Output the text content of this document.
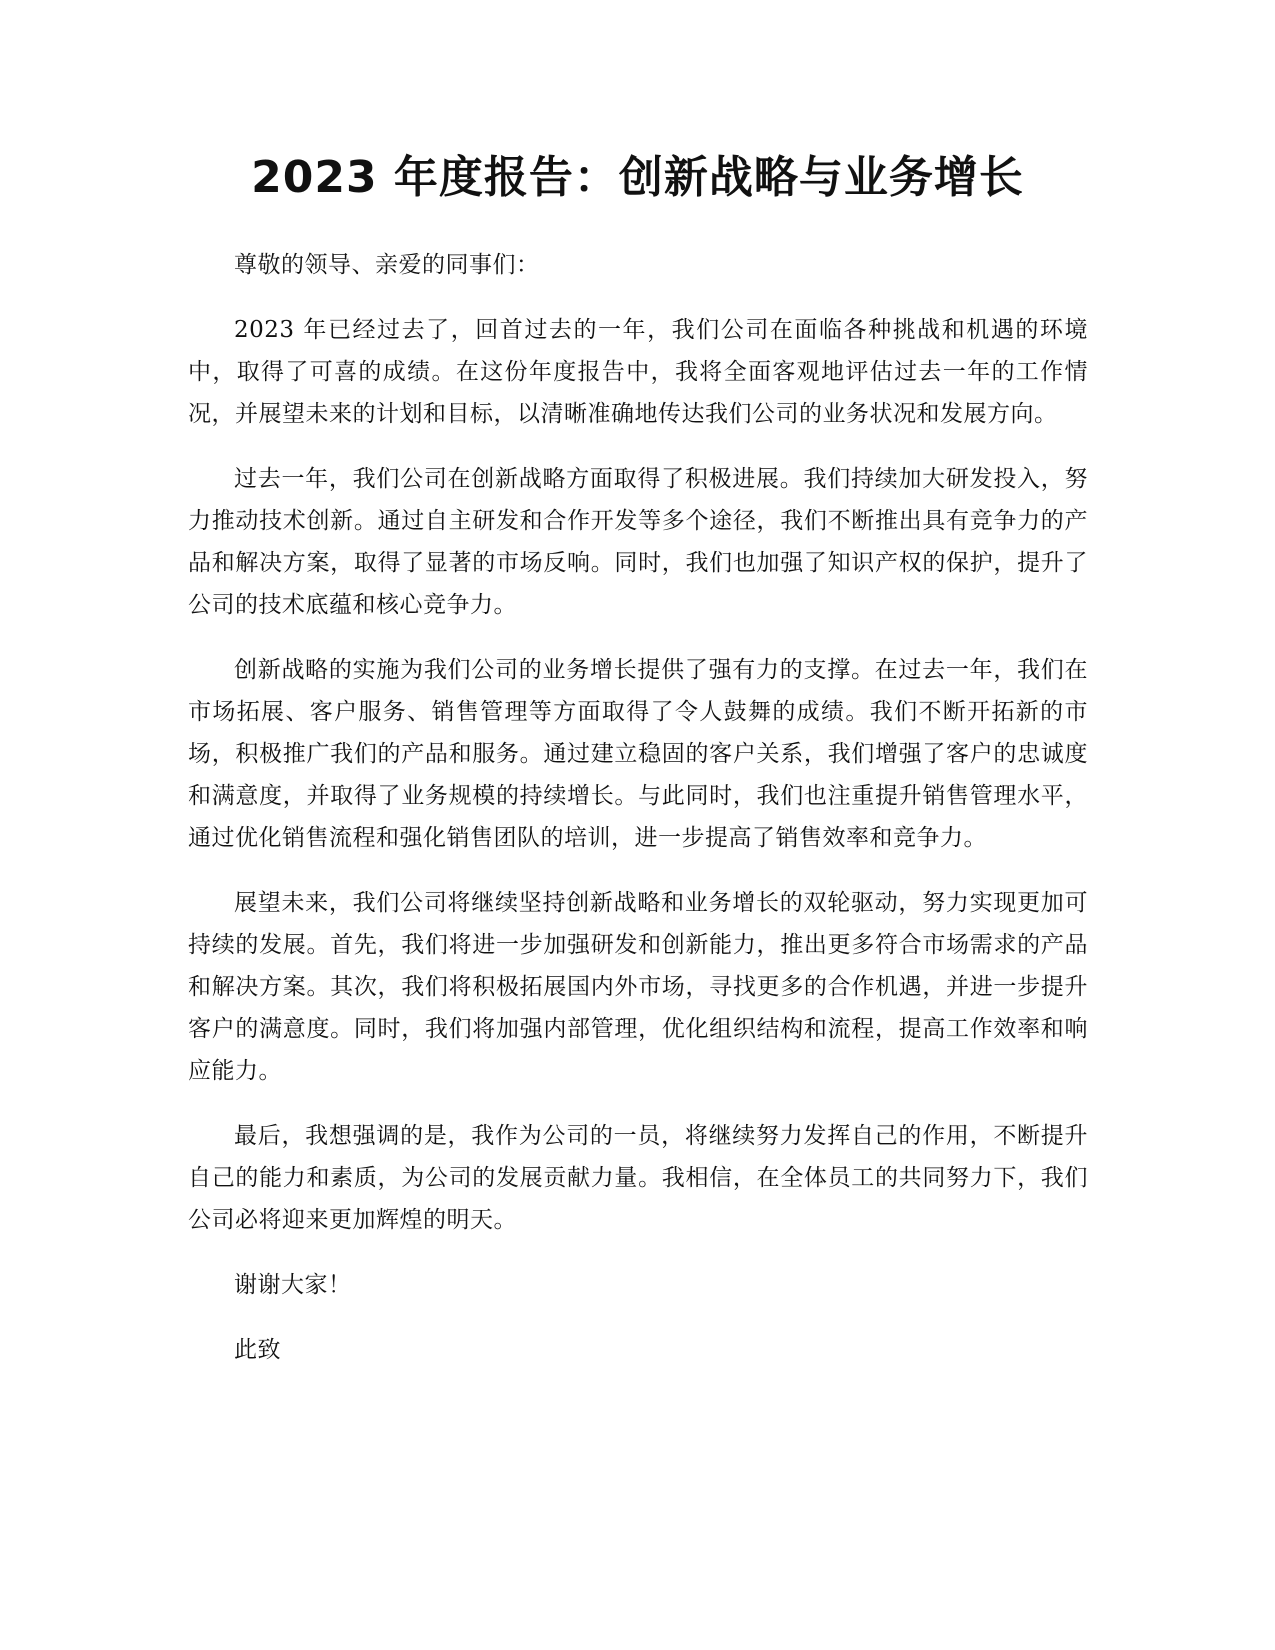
2023 年度报告：创新战略与业务增长

尊敬的领导、亲爱的同事们：

2023 年已经过去了，回首过去的一年，我们公司在面临各种挑战和机遇的环境中，取得了可喜的成绩。在这份年度报告中，我将全面客观地评估过去一年的工作情况，并展望未来的计划和目标，以清晰准确地传达我们公司的业务状况和发展方向。

过去一年，我们公司在创新战略方面取得了积极进展。我们持续加大研发投入，努力推动技术创新。通过自主研发和合作开发等多个途径，我们不断推出具有竞争力的产品和解决方案，取得了显著的市场反响。同时，我们也加强了知识产权的保护，提升了公司的技术底蕴和核心竞争力。

创新战略的实施为我们公司的业务增长提供了强有力的支撑。在过去一年，我们在市场拓展、客户服务、销售管理等方面取得了令人鼓舞的成绩。我们不断开拓新的市场，积极推广我们的产品和服务。通过建立稳固的客户关系，我们增强了客户的忠诚度和满意度，并取得了业务规模的持续增长。与此同时，我们也注重提升销售管理水平，通过优化销售流程和强化销售团队的培训，进一步提高了销售效率和竞争力。

展望未来，我们公司将继续坚持创新战略和业务增长的双轮驱动，努力实现更加可持续的发展。首先，我们将进一步加强研发和创新能力，推出更多符合市场需求的产品和解决方案。其次，我们将积极拓展国内外市场，寻找更多的合作机遇，并进一步提升客户的满意度。同时，我们将加强内部管理，优化组织结构和流程，提高工作效率和响应能力。

最后，我想强调的是，我作为公司的一员，将继续努力发挥自己的作用，不断提升自己的能力和素质，为公司的发展贡献力量。我相信，在全体员工的共同努力下，我们公司必将迎来更加辉煌的明天。

谢谢大家！

此致
